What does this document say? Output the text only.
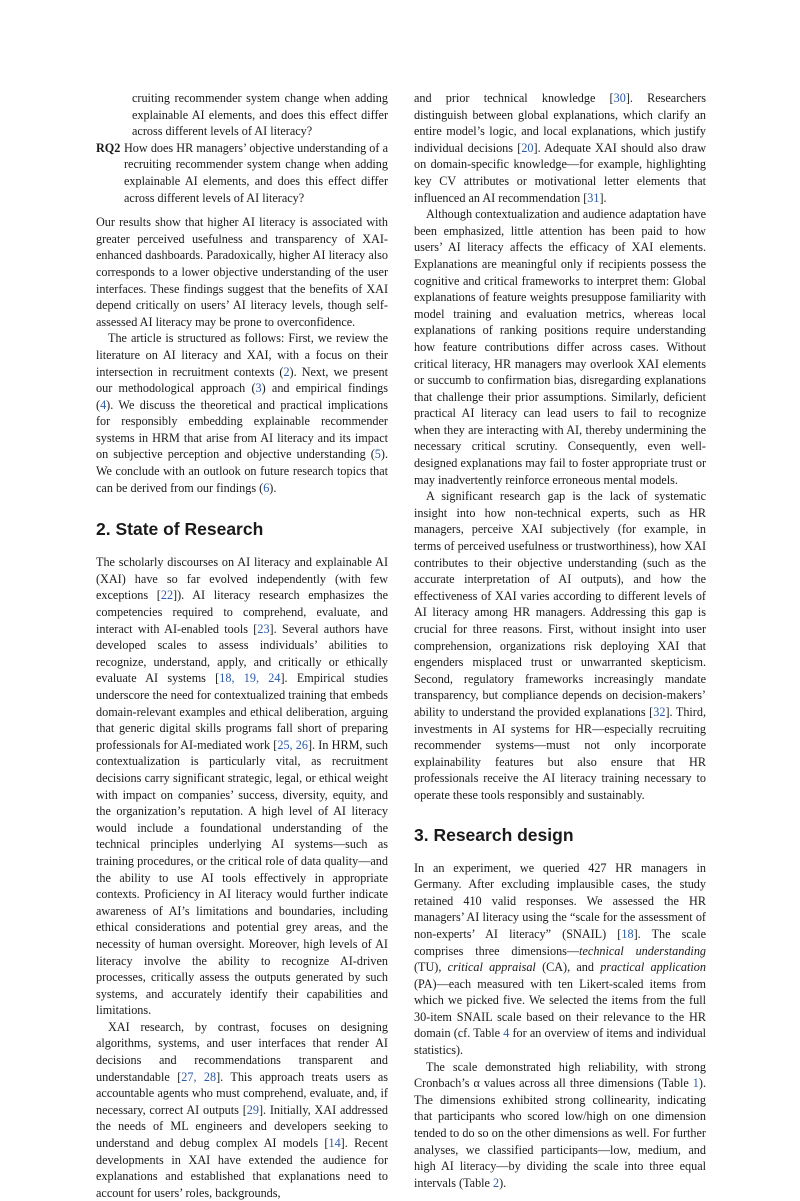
cruiting recommender system change when adding explainable AI elements, and does this effect differ across different levels of AI literacy?
RQ2 How does HR managers’ objective understanding of a recruiting recommender system change when adding explainable AI elements, and does this effect differ across different levels of AI literacy?

Our results show that higher AI literacy is associated with greater perceived usefulness and transparency of XAI-enhanced dashboards. Paradoxically, higher AI literacy also corresponds to a lower objective understanding of the user interfaces. These findings suggest that the benefits of XAI depend critically on users’ AI literacy levels, though self-assessed AI literacy may be prone to overconfidence.

The article is structured as follows: First, we review the literature on AI literacy and XAI, with a focus on their intersection in recruitment contexts (2). Next, we present our methodological approach (3) and empirical findings (4). We discuss the theoretical and practical implications for responsibly embedding explainable recommender systems in HRM that arise from AI literacy and its impact on subjective perception and objective understanding (5). We conclude with an outlook on future research topics that can be derived from our findings (6).

2. State of Research

The scholarly discourses on AI literacy and explainable AI (XAI) have so far evolved independently (with few exceptions [22]). AI literacy research emphasizes the competencies required to comprehend, evaluate, and interact with AI-enabled tools [23]. Several authors have developed scales to assess individuals’ abilities to recognize, understand, apply, and critically or ethically evaluate AI systems [18, 19, 24]. Empirical studies underscore the need for contextualized training that embeds domain-relevant examples and ethical deliberation, arguing that generic digital skills programs fall short of preparing professionals for AI-mediated work [25, 26]. In HRM, such contextualization is particularly vital, as recruitment decisions carry significant strategic, legal, or ethical weight with impact on companies’ success, diversity, equity, and the organization’s reputation. A high level of AI literacy would include a foundational understanding of the technical principles underlying AI systems—such as training procedures, or the critical role of data quality—and the ability to use AI tools effectively in appropriate contexts. Proficiency in AI literacy would further indicate awareness of AI’s limitations and boundaries, including ethical considerations and potential grey areas, and the necessity of human oversight. Moreover, high levels of AI literacy involve the ability to recognize AI-driven processes, critically assess the outputs generated by such systems, and accurately identify their capabilities and limitations.

XAI research, by contrast, focuses on designing algorithms, systems, and user interfaces that render AI decisions and recommendations transparent and understandable [27, 28]. This approach treats users as accountable agents who must comprehend, evaluate, and, if necessary, correct AI outputs [29]. Initially, XAI addressed the needs of ML engineers and developers seeking to understand and debug complex AI models [14]. Recent developments in XAI have extended the audience for explanations and established that explanations need to account for users’ roles, backgrounds,

and prior technical knowledge [30]. Researchers distinguish between global explanations, which clarify an entire model’s logic, and local explanations, which justify individual decisions [20]. Adequate XAI should also draw on domain-specific knowledge—for example, highlighting key CV attributes or motivational letter elements that influenced an AI recommendation [31].

Although contextualization and audience adaptation have been emphasized, little attention has been paid to how users’ AI literacy affects the efficacy of XAI elements. Explanations are meaningful only if recipients possess the cognitive and critical frameworks to interpret them: Global explanations of feature weights presuppose familiarity with model training and evaluation metrics, whereas local explanations of ranking positions require understanding how feature contributions differ across cases. Without critical literacy, HR managers may overlook XAI elements or succumb to confirmation bias, disregarding explanations that challenge their prior assumptions. Similarly, deficient practical AI literacy can lead users to fail to recognize when they are interacting with AI, thereby undermining the necessary critical scrutiny. Consequently, even well-designed explanations may fail to foster appropriate trust or may inadvertently reinforce erroneous mental models.

A significant research gap is the lack of systematic insight into how non-technical experts, such as HR managers, perceive XAI subjectively (for example, in terms of perceived usefulness or trustworthiness), how XAI contributes to their objective understanding (such as the accurate interpretation of AI outputs), and how the effectiveness of XAI varies according to different levels of AI literacy among HR managers. Addressing this gap is crucial for three reasons. First, without insight into user comprehension, organizations risk deploying XAI that engenders misplaced trust or unwarranted skepticism. Second, regulatory frameworks increasingly mandate transparency, but compliance depends on decision-makers’ ability to understand the provided explanations [32]. Third, investments in AI systems for HR—especially recruiting recommender systems—must not only incorporate explainability features but also ensure that HR professionals receive the AI literacy training necessary to operate these tools responsibly and sustainably.

3. Research design

In an experiment, we queried 427 HR managers in Germany. After excluding implausible cases, the study retained 410 valid responses. We assessed the HR managers’ AI literacy using the “scale for the assessment of non-experts’ AI literacy” (SNAIL) [18]. The scale comprises three dimensions—technical understanding (TU), critical appraisal (CA), and practical application (PA)—each measured with ten Likert-scaled items from which we picked five. We selected the items from the full 30-item SNAIL scale based on their relevance to the HR domain (cf. Table 4 for an overview of items and individual statistics).

The scale demonstrated high reliability, with strong Cronbach’s α values across all three dimensions (Table 1). The dimensions exhibited strong collinearity, indicating that participants who scored low/high on one dimension tended to do so on the other dimensions as well. For further analyses, we classified participants—low, medium, and high AI literacy—by dividing the scale into three equal intervals (Table 2).
